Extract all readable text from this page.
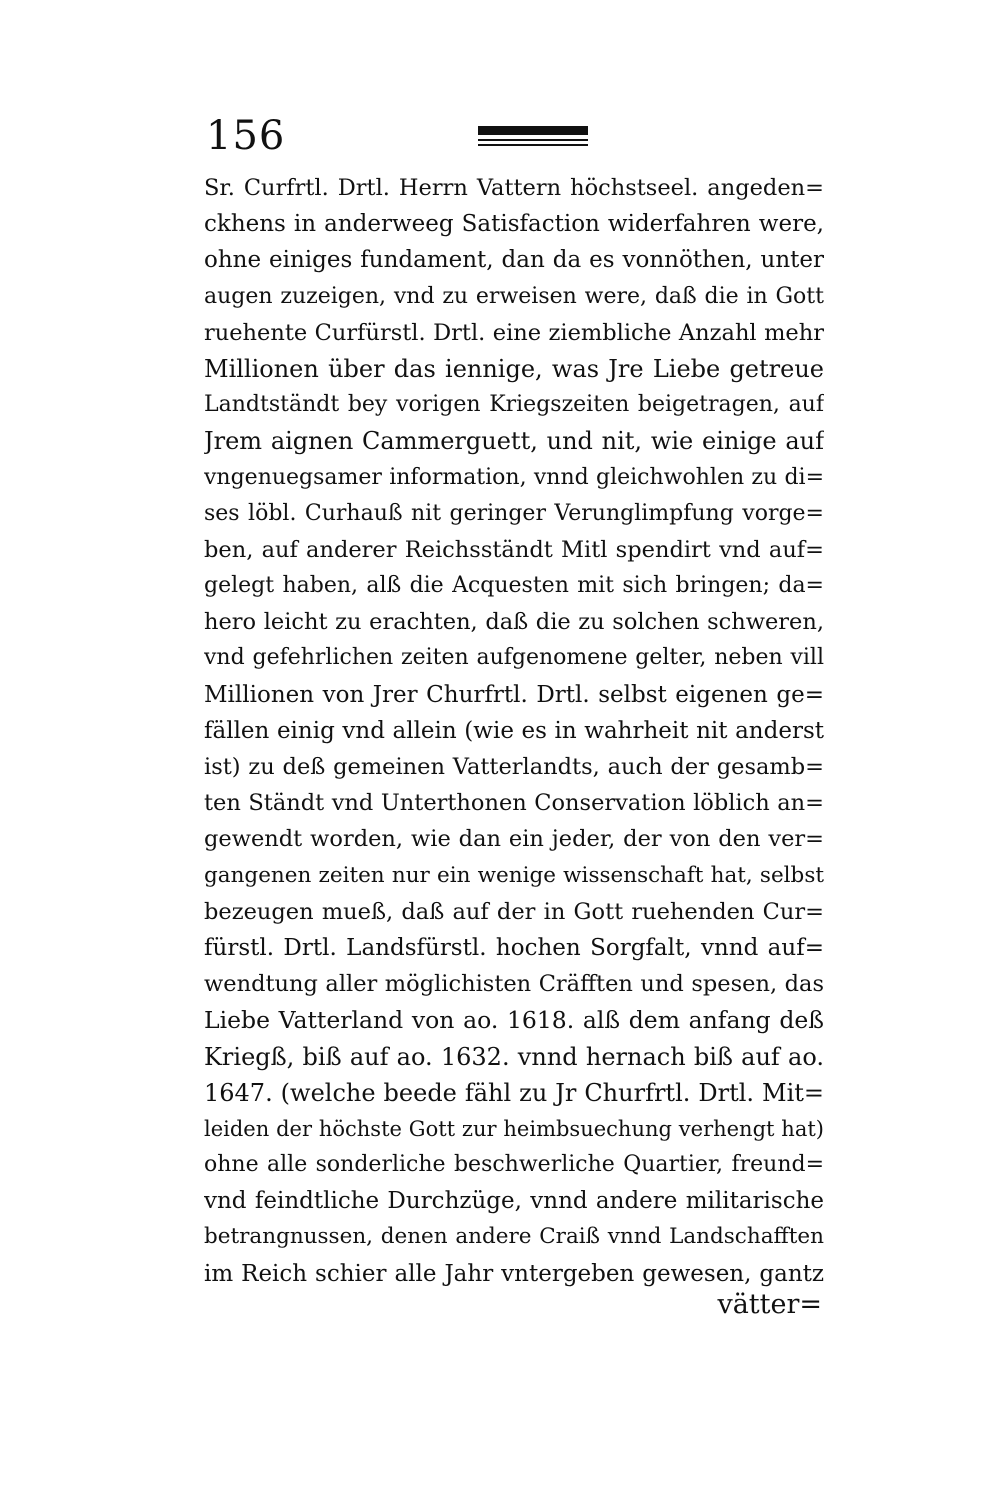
156
Sr. Curfrtl. Drtl. Herrn Vattern höchstseel. angeden=
ckhens in anderweeg Satisfaction widerfahren were,
ohne einiges fundament, dan da es vonnöthen, unter
augen zuzeigen, vnd zu erweisen were, daß die in Gott
ruehente Curfürstl. Drtl. eine ziembliche Anzahl mehr
Millionen über das iennige, was Jre Liebe getreue
Landtständt bey vorigen Kriegszeiten beigetragen, auf
Jrem aignen Cammerguett, und nit, wie einige auf
vngenuegsamer information, vnnd gleichwohlen zu di=
ses löbl. Curhauß nit geringer Verunglimpfung vorge=
ben, auf anderer Reichsständt Mitl spendirt vnd auf=
gelegt haben, alß die Acquesten mit sich bringen; da=
hero leicht zu erachten, daß die zu solchen schweren,
vnd gefehrlichen zeiten aufgenomene gelter, neben vill
Millionen von Jrer Churfrtl. Drtl. selbst eigenen ge=
fällen einig vnd allein (wie es in wahrheit nit anderst
ist) zu deß gemeinen Vatterlandts, auch der gesamb=
ten Ständt vnd Unterthonen Conservation löblich an=
gewendt worden, wie dan ein jeder, der von den ver=
gangenen zeiten nur ein wenige wissenschaft hat, selbst
bezeugen mueß, daß auf der in Gott ruehenden Cur=
fürstl. Drtl. Landsfürstl. hochen Sorgfalt, vnnd auf=
wendtung aller möglichisten Cräfften und spesen, das
Liebe Vatterland von ao. 1618. alß dem anfang deß
Kriegß, biß auf ao. 1632. vnnd hernach biß auf ao.
1647. (welche beede fähl zu Jr Churfrtl. Drtl. Mit=
leiden der höchste Gott zur heimbsuechung verhengt hat)
ohne alle sonderliche beschwerliche Quartier, freund=
vnd feindtliche Durchzüge, vnnd andere militarische
betrangnussen, denen andere Craiß vnnd Landschafften
im Reich schier alle Jahr vntergeben gewesen, gantz
vätter=
